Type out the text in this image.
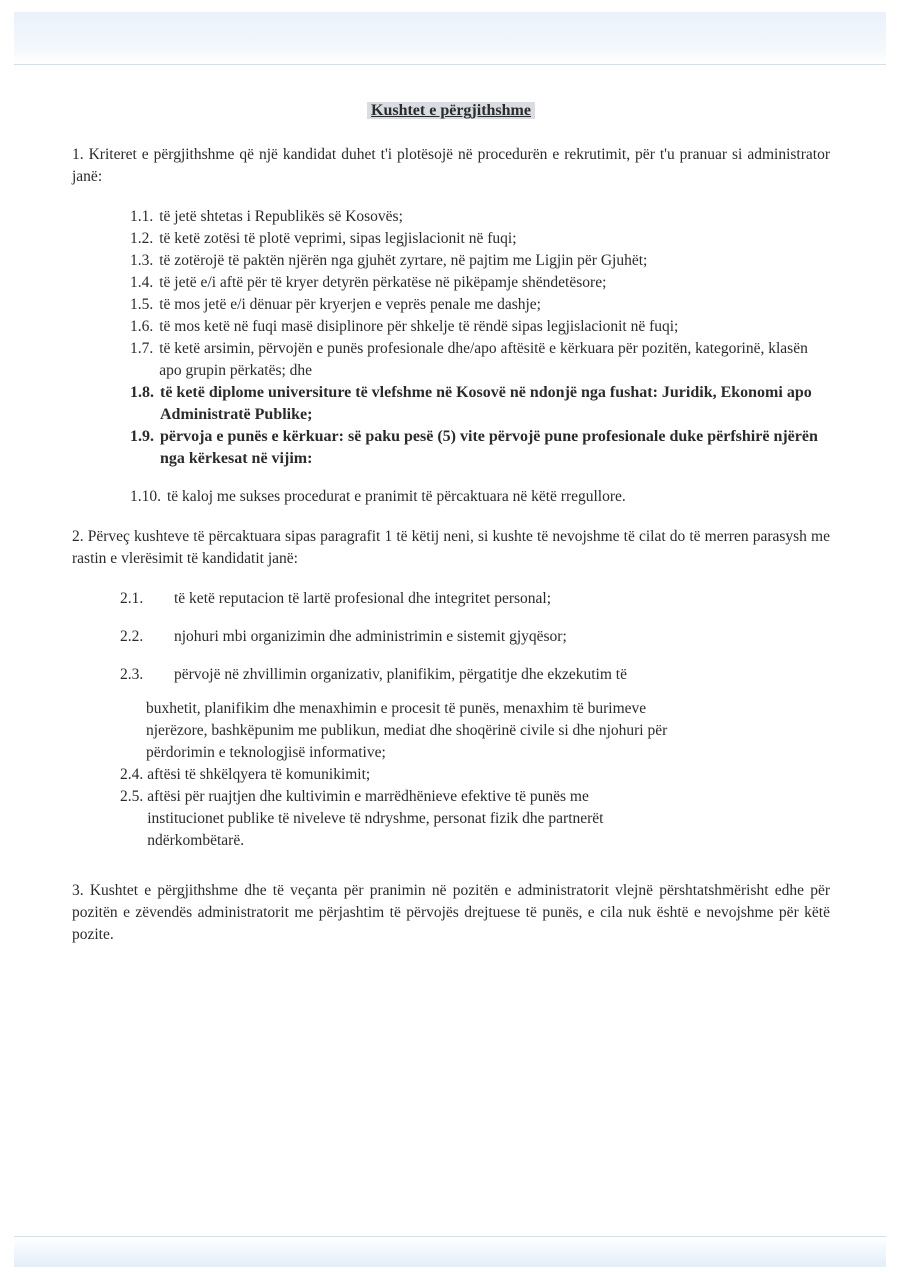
Kushtet e përgjithshme

1. Kriteret e përgjithshme që një kandidat duhet t'i plotësojë në procedurën e rekrutimit, për t'u pranuar si administrator janë:

1.1. të jetë shtetas i Republikës së Kosovës;
1.2. të ketë zotësi të plotë veprimi, sipas legjislacionit në fuqi;
1.3. të zotërojë të paktën njërën nga gjuhët zyrtare, në pajtim me Ligjin për Gjuhët;
1.4. të jetë e/i aftë për të kryer detyrën përkatëse në pikëpamje shëndetësore;
1.5. të mos jetë e/i dënuar për kryerjen e veprës penale me dashje;
1.6. të mos ketë në fuqi masë disiplinore për shkelje të rëndë sipas legjislacionit në fuqi;
1.7. të ketë arsimin, përvojën e punës profesionale dhe/apo aftësitë e kërkuara për pozitën, kategorinë, klasën apo grupin përkatës; dhe
1.8. të ketë diplome universiture të vlefshme në Kosovë në ndonjë nga fushat: Juridik, Ekonomi apo Administratë Publike;
1.9. përvoja e punës e kërkuar: së paku pesë (5) vite përvojë pune profesionale duke përfshirë njërën nga kërkesat në vijim:
1.10. të kaloj me sukses procedurat e pranimit të përcaktuara në këtë rregullore.

2. Përveç kushteve të përcaktuara sipas paragrafit 1 të këtij neni, si kushte të nevojshme të cilat do të merren parasysh me rastin e vlerësimit të kandidatit janë:

2.1.	të ketë reputacion të lartë profesional dhe integritet personal;
2.2.	njohuri mbi organizimin dhe administrimin e sistemit gjyqësor;
2.3.	përvojë në zhvillimin organizativ, planifikim, përgatitje dhe ekzekutim të
buxhetit, planifikim dhe menaxhimin e procesit të punës, menaxhim të burimeve njerëzore, bashkëpunim me publikun, mediat dhe shoqërinë civile si dhe njohuri për përdorimin e teknologjisë informative;
2.4. aftësi të shkëlqyera të komunikimit;
2.5. aftësi për ruajtjen dhe kultivimin e marrëdhënieve efektive të punës me institucionet publike të niveleve të ndryshme, personat fizik dhe partnerët ndërkombëtarë.

3. Kushtet e përgjithshme dhe të veçanta për pranimin në pozitën e administratorit vlejnë përshtatshmërisht edhe për pozitën e zëvendës administratorit me përjashtim të përvojës drejtuese të punës, e cila nuk është e nevojshme për këtë pozite.
